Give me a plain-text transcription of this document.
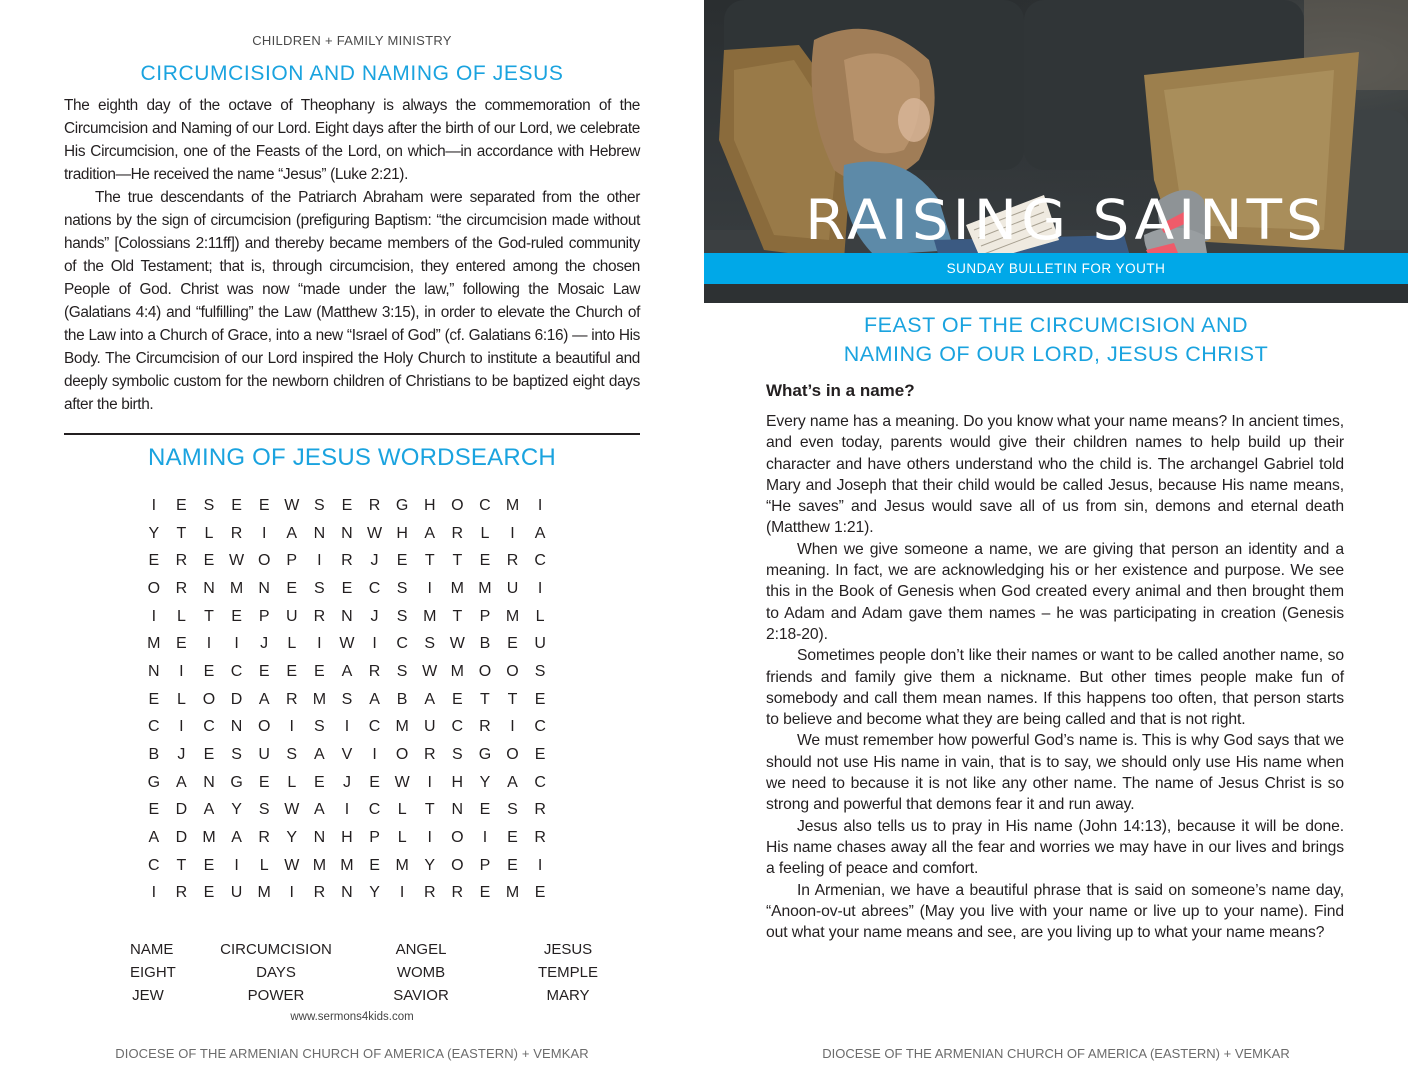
CHILDREN + FAMILY MINISTRY
CIRCUMCISION AND NAMING OF JESUS

The eighth day of the octave of Theophany is always the commemoration of the Circumcision and Naming of our Lord. Eight days after the birth of our Lord, we celebrate His Circumcision, one of the Feasts of the Lord, on which—in accordance with Hebrew tradition—He received the name “Jesus” (Luke 2:21).

The true descendants of the Patriarch Abraham were separated from the other nations by the sign of circumcision (prefiguring Baptism: “the circumcision made without hands” [Colossians 2:11ff]) and thereby became members of the God-ruled community of the Old Testament; that is, through circumcision, they entered among the chosen People of God. Christ was now “made under the law,” following the Mosaic Law (Galatians 4:4) and “fulfilling” the Law (Matthew 3:15), in order to elevate the Church of the Law into a Church of Grace, into a new “Israel of God” (cf. Galatians 6:16) — into His Body. The Circumcision of our Lord inspired the Holy Church to institute a beautiful and deeply symbolic custom for the newborn children of Christians to be baptized eight days after the birth.

NAMING OF JESUS WORDSEARCH
I	E	S	E	E W S	E	R G H O C M	I
Y	T	L	R	I	A	N	N W H	A	R	L	I	A
E	R	E W O	P	I	R	J	E	T	T	E	R	C
O R	N M N	E	S	E	C	S	I	M M U	I
I	L	T	E	P	U	R	N	J	S M	T	P M	L
M E	I	I	J	L	I	W	I	C	S W B	E	U
N	I	E	C	E	E	E	A	R	S W M O O	S
E	L	O D	A	R M S	A	B	A	E	T	T	E
C	I	C	N O	I	S	I	C M U	C	R	I	C
B	J	E	S	U	S	A	V	I	O R	S	G O	E
G	A	N G	E	L	E	J	E W	I	H	Y	A	C
E	D	A	Y	S W A	I	C	L	T	N	E	S	R
A	D M A	R	Y	N	H	P	L	I	O	I	E	R
C	T	E	I	L W M M E M Y	O	P	E	I
I	R	E	U M	I	R	N	Y	I	R	R	E M E
NAME	CIRCUMCISION	ANGEL	JESUS
EIGHT	DAYS	WOMB	TEMPLE
JEW	POWER	SAVIOR	MARY
www.sermons4kids.com
DIOCESE OF THE ARMENIAN CHURCH OF AMERICA (EASTERN) + VEMKAR
RAISING SAINTS
SUNDAY BULLETIN FOR YOUTH
FEAST OF THE CIRCUMCISION AND
NAMING OF OUR LORD, JESUS CHRIST
What’s in a name?

Every name has a meaning. Do you know what your name means? In ancient times, and even today, parents would give their children names to help build up their character and have others understand who the child is. The archangel Gabriel told Mary and Joseph that their child would be called Jesus, because His name means, “He saves” and Jesus would save all of us from sin, demons and eternal death (Matthew 1:21).

When we give someone a name, we are giving that person an identity and a meaning. In fact, we are acknowledging his or her existence and purpose. We see this in the Book of Genesis when God created every animal and then brought them to Adam and Adam gave them names – he was participating in creation (Genesis 2:18-20).

Sometimes people don’t like their names or want to be called another name, so friends and family give them a nickname. But other times people make fun of somebody and call them mean names. If this happens too often, that person starts to believe and become what they are being called and that is not right.

We must remember how powerful God’s name is. This is why God says that we should not use His name in vain, that is to say, we should only use His name when we need to because it is not like any other name. The name of Jesus Christ is so strong and powerful that demons fear it and run away.

Jesus also tells us to pray in His name (John 14:13), because it will be done. His name chases away all the fear and worries we may have in our lives and brings a feeling of peace and comfort.

In Armenian, we have a beautiful phrase that is said on someone’s name day, “Anoon-ov-ut abrees” (May you live with your name or live up to your name). Find out what your name means and see, are you living up to what your name means?

DIOCESE OF THE ARMENIAN CHURCH OF AMERICA (EASTERN) + VEMKAR
